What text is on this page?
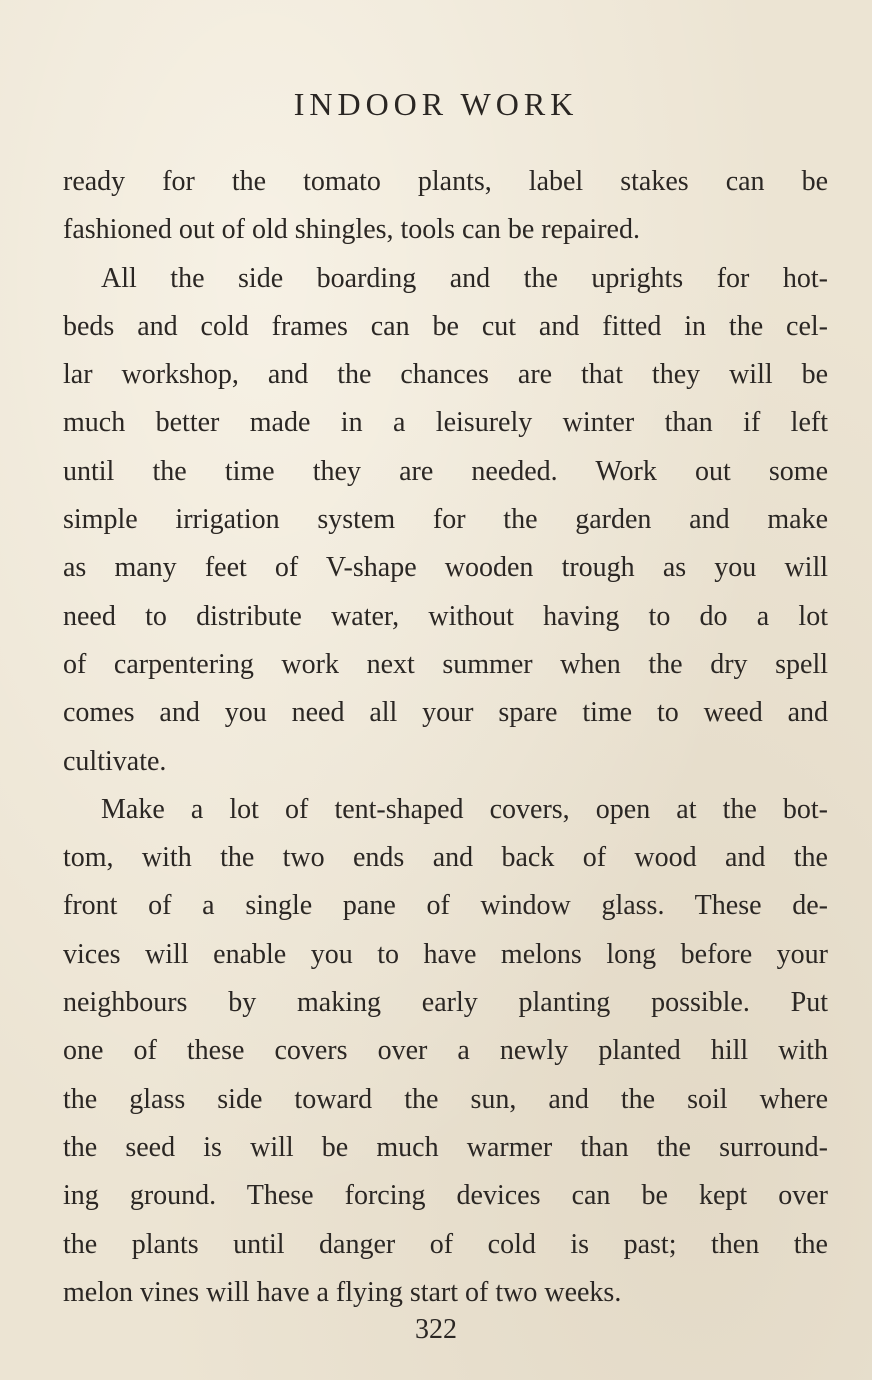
INDOOR WORK
ready for the tomato plants, label stakes can be
fashioned out of old shingles, tools can be repaired.
All the side boarding and the uprights for hot-
beds and cold frames can be cut and fitted in the cel-
lar workshop, and the chances are that they will be
much better made in a leisurely winter than if left
until the time they are needed. Work out some
simple irrigation system for the garden and make
as many feet of V-shape wooden trough as you will
need to distribute water, without having to do a lot
of carpentering work next summer when the dry spell
comes and you need all your spare time to weed and
cultivate.
Make a lot of tent-shaped covers, open at the bot-
tom, with the two ends and back of wood and the
front of a single pane of window glass. These de-
vices will enable you to have melons long before your
neighbours by making early planting possible. Put
one of these covers over a newly planted hill with
the glass side toward the sun, and the soil where
the seed is will be much warmer than the surround-
ing ground. These forcing devices can be kept over
the plants until danger of cold is past; then the
melon vines will have a flying start of two weeks.
322
